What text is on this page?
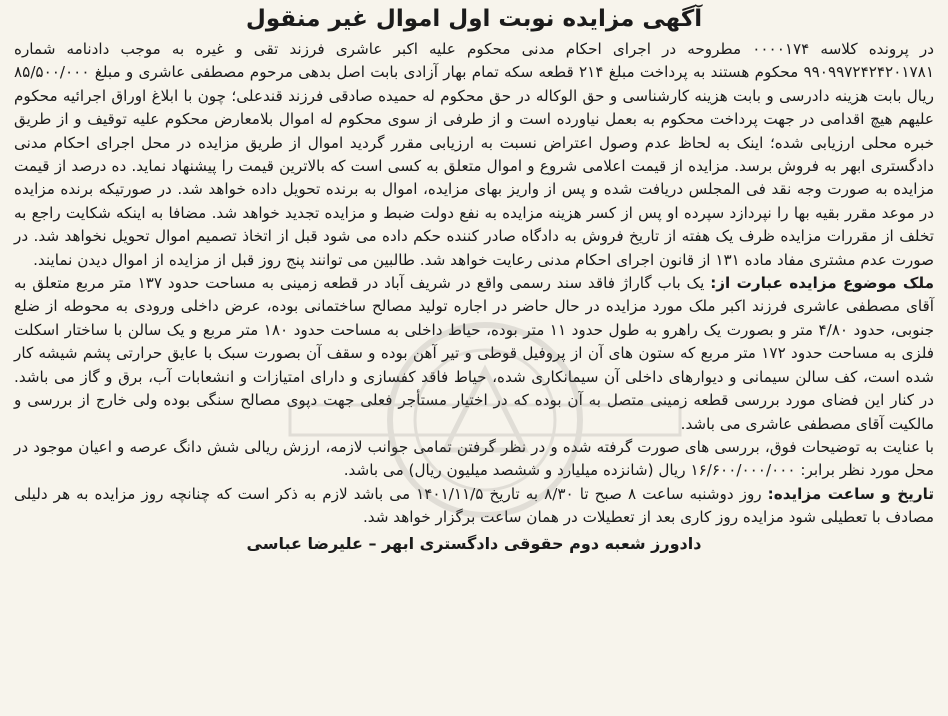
آگهی مزایده نوبت اول اموال غیر منقول

در پرونده کلاسه ۰۰۰۰۱۷۴ مطروحه در اجرای احکام مدنی محکوم علیه اکبر عاشری فرزند تقی و غیره به موجب دادنامه شماره ۹۹۰۹۹۷۲۴۲۴۲۰۱۷۸۱ محکوم هستند به پرداخت مبلغ ۲۱۴ قطعه سکه تمام بهار آزادی بابت اصل بدهی مرحوم مصطفی عاشری و مبلغ ۸۵/۵۰۰/۰۰۰ ریال بابت هزینه دادرسی و بابت هزینه کارشناسی و حق الوکاله در حق محکوم له حمیده صادقی فرزند قندعلی؛ چون با ابلاغ اوراق اجرائیه محکوم علیهم هیچ اقدامی در جهت پرداخت محکوم به بعمل نیاورده است و از طرفی از سوی محکوم له اموال بلامعارض محکوم علیه توقیف و از طریق خبره محلی ارزیابی شده؛ اینک به لحاظ عدم وصول اعتراض نسبت به ارزیابی مقرر گردید اموال از طریق مزایده در محل اجرای احکام مدنی دادگستری ابهر به فروش برسد. مزایده از قیمت اعلامی شروع و اموال متعلق به کسی است که بالاترین قیمت را پیشنهاد نماید. ده درصد از قیمت مزایده به صورت وجه نقد فی المجلس دریافت شده و پس از واریز بهای مزایده، اموال به برنده تحویل داده خواهد شد. در صورتیکه برنده مزایده در موعد مقرر بقیه بها را نپردازد سپرده او پس از کسر هزینه مزایده به نفع دولت ضبط و مزایده تجدید خواهد شد. مضافا به اینکه شکایت راجع به تخلف از مقررات مزایده ظرف یک هفته از تاریخ فروش به دادگاه صادر کننده حکم داده می شود قبل از اتخاذ تصمیم اموال تحویل نخواهد شد. در صورت عدم مشتری مفاد ماده ۱۳۱ از قانون اجرای احکام مدنی رعایت خواهد شد. طالبین می توانند پنج روز قبل از مزایده از اموال دیدن نمایند.

ملک موضوع مزایده عبارت از: یک باب گاراژ فاقد سند رسمی واقع در شریف آباد در قطعه زمینی به مساحت حدود ۱۳۷ متر مربع متعلق به آقای مصطفی عاشری فرزند اکبر ملک مورد مزایده در حال حاضر در اجاره تولید مصالح ساختمانی بوده، عرض داخلی ورودی به محوطه از ضلع جنوبی، حدود ۴/۸۰ متر و بصورت یک راهرو به طول حدود ۱۱ متر بوده، حیاط داخلی به مساحت حدود ۱۸۰ متر مربع و یک سالن با ساختار اسکلت فلزی به مساحت حدود ۱۷۲ متر مربع که ستون های آن از پروفیل قوطی و تیر آهن بوده و سقف آن بصورت سبک با عایق حرارتی پشم شیشه کار شده است، کف سالن سیمانی و دیوارهای داخلی آن سیمانکاری شده، حیاط فاقد کفسازی و دارای امتیازات و انشعابات آب، برق و گاز می باشد. در کنار این فضای مورد بررسی قطعه زمینی متصل به آن بوده که در اختیار مستأجر فعلی جهت دپوی مصالح سنگی بوده ولی خارج از بررسی و مالکیت آقای مصطفی عاشری می باشد.

با عنایت به توضیحات فوق، بررسی های صورت گرفته شده و در نظر گرفتن تمامی جوانب لازمه، ارزش ریالی شش دانگ عرصه و اعیان موجود در محل مورد نظر برابر: ۱۶/۶۰۰/۰۰۰/۰۰۰ ریال (شانزده میلیارد و ششصد میلیون ریال) می باشد.

تاریخ و ساعت مزایده: روز دوشنبه ساعت ۸ صبح تا ۸/۳۰ به تاریخ ۱۴۰۱/۱۱/۵ می باشد لازم به ذکر است که چنانچه روز مزایده به هر دلیلی مصادف با تعطیلی شود مزایده روز کاری بعد از تعطیلات در همان ساعت برگزار خواهد شد.

دادورز شعبه دوم حقوقی دادگستری ابهر – علیرضا عباسی
